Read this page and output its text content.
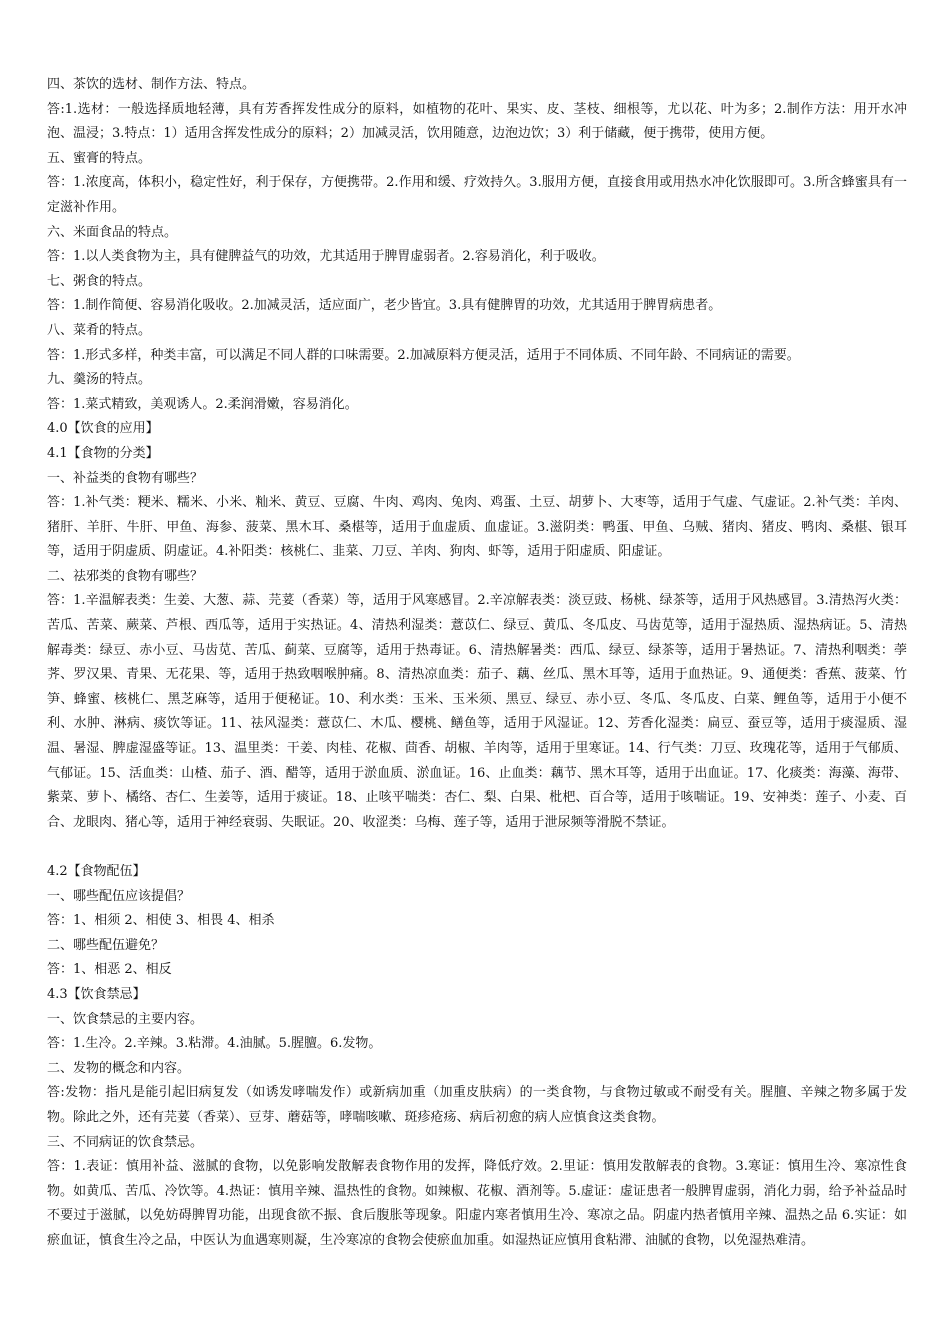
四、茶饮的选材、制作方法、特点。

答:1.选材：一般选择质地轻薄，具有芳香挥发性成分的原料，如植物的花叶、果实、皮、茎枝、细根等，尤以花、叶为多；2.制作方法：用开水冲泡、温浸；3.特点：1）适用含挥发性成分的原料；2）加减灵活，饮用随意，边泡边饮；3）利于储藏，便于携带，使用方便。

五、蜜膏的特点。

答：1.浓度高，体积小，稳定性好，利于保存，方便携带。2.作用和缓、疗效持久。3.服用方便，直接食用或用热水冲化饮服即可。3.所含蜂蜜具有一定滋补作用。

六、米面食品的特点。

答：1.以人类食物为主，具有健脾益气的功效，尤其适用于脾胃虚弱者。2.容易消化，利于吸收。

七、粥食的特点。

答：1.制作简便、容易消化吸收。2.加减灵活，适应面广，老少皆宜。3.具有健脾胃的功效，尤其适用于脾胃病患者。

八、菜肴的特点。

答：1.形式多样，种类丰富，可以满足不同人群的口味需要。2.加减原料方便灵活，适用于不同体质、不同年龄、不同病证的需要。

九、羹汤的特点。

答：1.菜式精致，美观诱人。2.柔润滑嫩，容易消化。

4.0【饮食的应用】

4.1【食物的分类】

一、补益类的食物有哪些？

答：1.补气类：粳米、糯米、小米、籼米、黄豆、豆腐、牛肉、鸡肉、兔肉、鸡蛋、土豆、胡萝卜、大枣等，适用于气虚、气虚证。2.补气类：羊肉、猪肝、羊肝、牛肝、甲鱼、海参、菠菜、黑木耳、桑椹等，适用于血虚质、血虚证。3.滋阴类：鸭蛋、甲鱼、乌贼、猪肉、猪皮、鸭肉、桑椹、银耳等，适用于阴虚质、阴虚证。4.补阳类：核桃仁、韭菜、刀豆、羊肉、狗肉、虾等，适用于阳虚质、阳虚证。

二、祛邪类的食物有哪些？

答：1.辛温解表类：生姜、大葱、蒜、芫荽（香菜）等，适用于风寒感冒。2.辛凉解表类：淡豆豉、杨桃、绿茶等，适用于风热感冒。3.清热泻火类：苦瓜、苦菜、蕨菜、芦根、西瓜等，适用于实热证。4、清热利湿类：薏苡仁、绿豆、黄瓜、冬瓜皮、马齿苋等，适用于湿热质、湿热病证。5、清热解毒类：绿豆、赤小豆、马齿苋、苦瓜、蓟菜、豆腐等，适用于热毒证。6、清热解暑类：西瓜、绿豆、绿茶等，适用于暑热证。7、清热利咽类：荸荠、罗汉果、青果、无花果、等，适用于热致咽喉肿痛。8、清热凉血类：茄子、藕、丝瓜、黑木耳等，适用于血热证。9、通便类：香蕉、菠菜、竹笋、蜂蜜、核桃仁、黑芝麻等，适用于便秘证。10、利水类：玉米、玉米须、黑豆、绿豆、赤小豆、冬瓜、冬瓜皮、白菜、鲤鱼等，适用于小便不利、水肿、淋病、痰饮等证。11、祛风湿类：薏苡仁、木瓜、樱桃、鳝鱼等，适用于风湿证。12、芳香化湿类：扁豆、蚕豆等，适用于痰湿质、湿温、暑湿、脾虚湿盛等证。13、温里类：干姜、肉桂、花椒、茴香、胡椒、羊肉等，适用于里寒证。14、行气类：刀豆、玫瑰花等，适用于气郁质、气郁证。15、活血类：山楂、茄子、酒、醋等，适用于淤血质、淤血证。16、止血类：藕节、黑木耳等，适用于出血证。17、化痰类：海藻、海带、紫菜、萝卜、橘络、杏仁、生姜等，适用于痰证。18、止咳平喘类：杏仁、梨、白果、枇杷、百合等，适用于咳喘证。19、安神类：莲子、小麦、百合、龙眼肉、猪心等，适用于神经衰弱、失眠证。20、收涩类：乌梅、莲子等，适用于泄尿频等滑脱不禁证。

4.2【食物配伍】

一、哪些配伍应该提倡？

答：1、相须 2、相使 3、相畏 4、相杀

二、哪些配伍避免？

答：1、相恶 2、相反

4.3【饮食禁忌】

一、饮食禁忌的主要内容。

答：1.生冷。2.辛辣。3.粘滞。4.油腻。5.腥膻。6.发物。

二、发物的概念和内容。

答:发物：指凡是能引起旧病复发（如诱发哮喘发作）或新病加重（加重皮肤病）的一类食物，与食物过敏或不耐受有关。腥膻、辛辣之物多属于发物。除此之外，还有芫荽（香菜）、豆芽、蘑菇等，哮喘咳嗽、斑疹疮疡、病后初愈的病人应慎食这类食物。

三、不同病证的饮食禁忌。

答：1.表证：慎用补益、滋腻的食物，以免影响发散解表食物作用的发挥，降低疗效。2.里证：慎用发散解表的食物。3.寒证：慎用生冷、寒凉性食物。如黄瓜、苦瓜、冷饮等。4.热证：慎用辛辣、温热性的食物。如辣椒、花椒、酒剂等。5.虚证：虚证患者一般脾胃虚弱，消化力弱，给予补益品时不要过于滋腻，以免妨碍脾胃功能，出现食欲不振、食后腹胀等现象。阳虚内寒者慎用生冷、寒凉之品。阴虚内热者慎用辛辣、温热之品 6.实证：如瘀血证，慎食生冷之品，中医认为血遇寒则凝，生冷寒凉的食物会使瘀血加重。如湿热证应慎用食粘滞、油腻的食物，以免湿热难清。
